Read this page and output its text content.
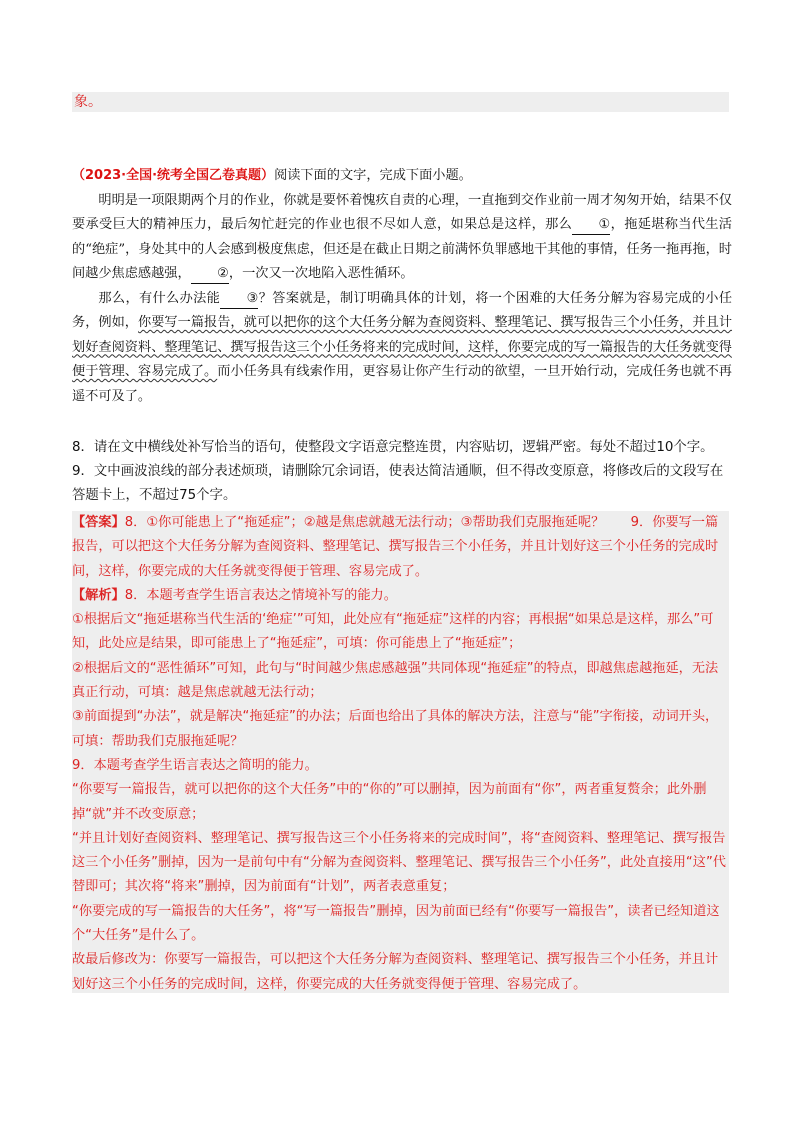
象。

（2023·全国·统考全国乙卷真题）阅读下面的文字，完成下面小题。

明明是一项限期两个月的作业，你就是要怀着愧疚自责的心理，一直拖到交作业前一周才匆匆开始，结果不仅要承受巨大的精神压力，最后匆忙赶完的作业也很不尽如人意，如果总是这样，那么 ①，拖延堪称当代生活的“绝症”，身处其中的人会感到极度焦虑，但还是在截止日期之前满怀负罪感地干其他的事情，任务一拖再拖，时间越少焦虑感越强， ②，一次又一次地陷入恶性循环。

那么，有什么办法能 ③？答案就是，制订明确具体的计划，将一个困难的大任务分解为容易完成的小任务，例如，你要写一篇报告，就可以把你的这个大任务分解为查阅资料、整理笔记、撰写报告三个小任务，并且计划好查阅资料、整理笔记、撰写报告这三个小任务将来的完成时间，这样，你要完成的写一篇报告的大任务就变得便于管理、容易完成了。而小任务具有线索作用，更容易让你产生行动的欲望，一旦开始行动，完成任务也就不再遥不可及了。

8．请在文中横线处补写恰当的语句，使整段文字语意完整连贯，内容贴切，逻辑严密。每处不超过10个字。

9．文中画波浪线的部分表述烦琐，请删除冗余词语，使表达简洁通顺，但不得改变原意，将修改后的文段写在答题卡上，不超过75个字。

【答案】8．①你可能患上了“拖延症”；②越是焦虑就越无法行动；③帮助我们克服拖延呢？　　9．你要写一篇报告，可以把这个大任务分解为查阅资料、整理笔记、撰写报告三个小任务，并且计划好这三个小任务的完成时间，这样，你要完成的大任务就变得便于管理、容易完成了。

【解析】8．本题考查学生语言表达之情境补写的能力。

①根据后文“拖延堪称当代生活的‘绝症’”可知，此处应有“拖延症”这样的内容；再根据“如果总是这样，那么”可知，此处应是结果，即可能患上了“拖延症”，可填：你可能患上了“拖延症”；

②根据后文的“恶性循环”可知，此句与“时间越少焦虑感越强”共同体现“拖延症”的特点，即越焦虑越拖延，无法真正行动，可填：越是焦虑就越无法行动；

③前面提到“办法”，就是解决“拖延症”的办法；后面也给出了具体的解决方法，注意与“能”字衔接，动词开头，可填：帮助我们克服拖延呢？

9．本题考查学生语言表达之简明的能力。

“你要写一篇报告，就可以把你的这个大任务”中的“你的”可以删掉，因为前面有“你”，两者重复赘余；此外删掉“就”并不改变原意；

“并且计划好查阅资料、整理笔记、撰写报告这三个小任务将来的完成时间”，将“查阅资料、整理笔记、撰写报告这三个小任务”删掉，因为一是前句中有“分解为查阅资料、整理笔记、撰写报告三个小任务”，此处直接用“这”代替即可；其次将“将来”删掉，因为前面有“计划”，两者表意重复；

“你要完成的写一篇报告的大任务”，将“写一篇报告”删掉，因为前面已经有“你要写一篇报告”，读者已经知道这个“大任务”是什么了。

故最后修改为：你要写一篇报告，可以把这个大任务分解为查阅资料、整理笔记、撰写报告三个小任务，并且计划好这三个小任务的完成时间，这样，你要完成的大任务就变得便于管理、容易完成了。
